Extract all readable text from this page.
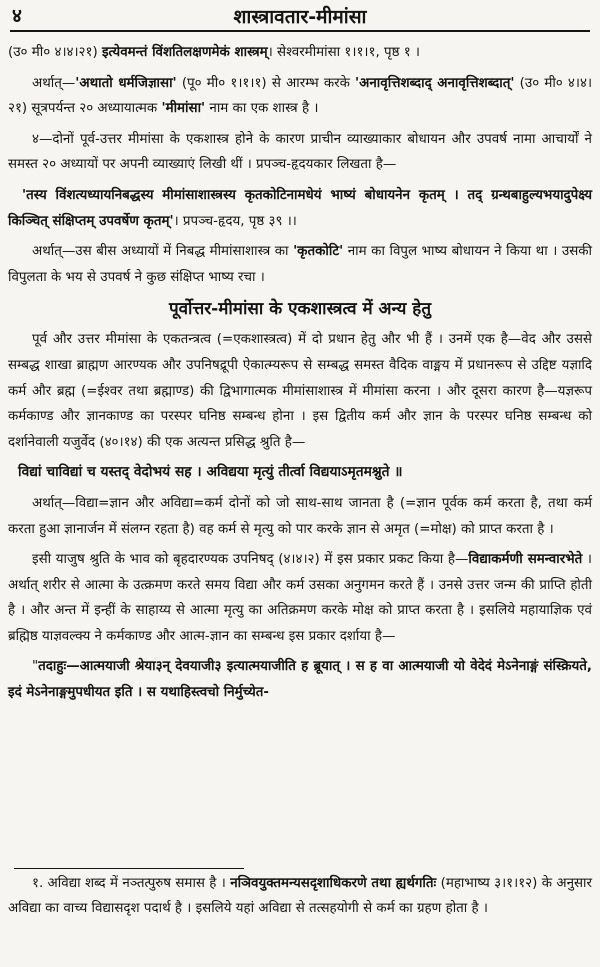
४	शास्त्रावतार-मीमांसा

(उ० मी० ४।४।२१) इत्येवमन्तं विंशतिलक्षणमेकं शास्त्रम्। सेश्वरमीमांसा १।१।१, पृष्ठ १ ।

अर्थात्—'अथातो धर्मजिज्ञासा' (पू० मी० १।१।१) से आरम्भ करके 'अनावृत्तिशब्दाद् अनावृत्तिशब्दात्' (उ० मी० ४।४।२१) सूत्रपर्यन्त २० अध्यायात्मक 'मीमांसा' नाम का एक शास्त्र है ।

४—दोनों पूर्व-उत्तर मीमांसा के एकशास्त्र होने के कारण प्राचीन व्याख्याकार बोधायन और उपवर्ष नामा आचार्यों ने समस्त २० अध्यायों पर अपनी व्याख्याएं लिखी थीं । प्रपञ्च-हृदयकार लिखता है—

'तस्य विंशत्यध्यायनिबद्धस्य मीमांसाशास्त्रस्य कृतकोटिनामधेयं भाष्यं बोधायनेन कृतम् । तद् ग्रन्थबाहुल्यभयादुपेक्ष्य किञ्चित् संक्षिप्तम् उपवर्षेण कृतम्'। प्रपञ्च-हृदय, पृष्ठ ३९ ।।

अर्थात्—उस बीस अध्यायों में निबद्ध मीमांसाशास्त्र का 'कृतकोटि' नाम का विपुल भाष्य बोधायन ने किया था । उसकी विपुलता के भय से उपवर्ष ने कुछ संक्षिप्त भाष्य रचा ।

पूर्वोत्तर-मीमांसा के एकशास्त्रत्व में अन्य हेतु

पूर्व और उत्तर मीमांसा के एकतन्त्रत्व (=एकशास्त्रत्व) में दो प्रधान हेतु और भी हैं । उनमें एक है—वेद और उससे सम्बद्ध शाखा ब्राह्मण आरण्यक और उपनिषद्रूपी ऐकात्म्यरूप से सम्बद्ध समस्त वैदिक वाङ्मय में प्रधानरूप से उद्दिष्ट यज्ञादि कर्म और ब्रह्म (=ईश्वर तथा ब्रह्माण्ड) की द्विभागात्मक मीमांसाशास्त्र में मीमांसा करना । और दूसरा कारण है—यज्ञरूप कर्मकाण्ड और ज्ञानकाण्ड का परस्पर घनिष्ठ सम्बन्ध होना । इस द्वितीय कर्म और ज्ञान के परस्पर घनिष्ठ सम्बन्ध को दर्शानेवाली यजुर्वेद (४०।१४) की एक अत्यन्त प्रसिद्ध श्रुति है—

विद्यां चाविद्यां च यस्तद् वेदोभयं सह । अविद्यया मृत्युं तीर्त्वा विद्ययाऽमृतमश्नुते ॥

अर्थात्—विद्या=ज्ञान और अविद्या=कर्म दोनों को जो साथ-साथ जानता है (=ज्ञान पूर्वक कर्म करता है, तथा कर्म करता हुआ ज्ञानार्जन में संलग्न रहता है) वह कर्म से मृत्यु को पार करके ज्ञान से अमृत (=मोक्ष) को प्राप्त करता है ।

इसी याजुष श्रुति के भाव को बृहदारण्यक उपनिषद् (४।४।२) में इस प्रकार प्रकट किया है—विद्याकर्मणी समन्वारभेते । अर्थात् शरीर से आत्मा के उत्क्रमण करते समय विद्या और कर्म उसका अनुगमन करते हैं । उनसे उत्तर जन्म की प्राप्ति होती है । और अन्त में इन्हीं के साहाय्य से आत्मा मृत्यु का अतिक्रमण करके मोक्ष को प्राप्त करता है । इसलिये महायाज्ञिक एवं ब्रह्मिष्ठ याज्ञवल्क्य ने कर्मकाण्ड और आत्म-ज्ञान का सम्बन्ध इस प्रकार दर्शाया है—

"तदाहुः—आत्मयाजी श्रेया३न् देवयाजी३ इत्यात्मयाजीति ह ब्रूयात् । स ह वा आत्मयाजी यो वेदेदं मेऽनेनाङ्गं संस्क्रियते, इदं मेऽनेनाङ्गमुपधीयत इति । स यथाहिस्त्वचो निर्मुच्येत-

१. अविद्या शब्द में नञ्तत्पुरुष समास है । नञिवयुक्तमन्यसदृशाधिकरणे तथा ह्यर्थगतिः (महाभाष्य ३।१।१२) के अनुसार अविद्या का वाच्य विद्यासदृश पदार्थ है । इसलिये यहां अविद्या से तत्सहयोगी से कर्म का ग्रहण होता है ।
